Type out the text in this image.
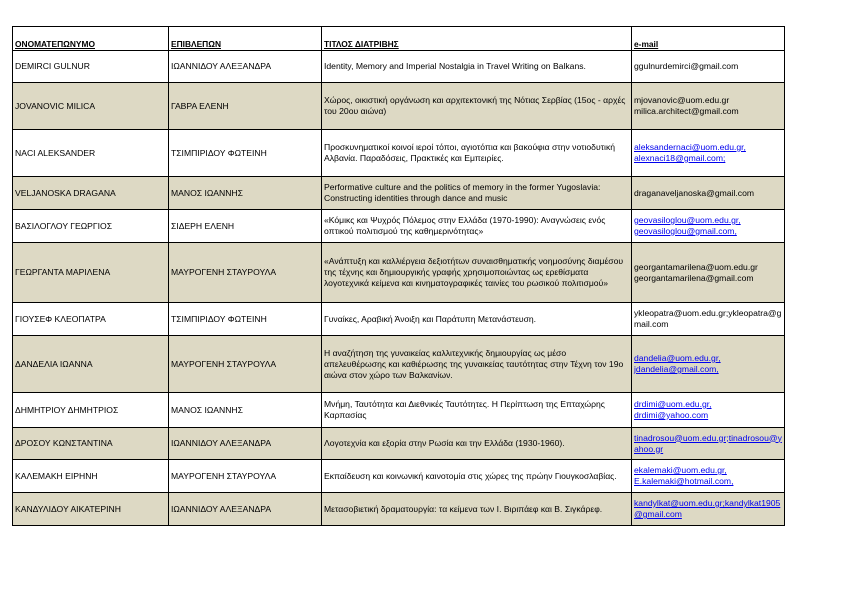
ΟΝΟΜΑΤΕΠΩΝΥΜΟ	ΕΠΙΒΛΕΠΩΝ	ΤΙΤΛΟΣ ΔΙΑΤΡΙΒΗΣ	e-mail
DEMIRCI GULNUR	ΙΩΑΝΝΙΔΟΥ ΑΛΕΞΑΝΔΡΑ	Identity, Memory and Imperial Nostalgia in Travel Writing on Balkans.	ggulnurdemirci@gmail.com
JOVANOVIC MILICA	ΓΑΒΡΑ ΕΛΕΝΗ	Χώρος, οικιστική οργάνωση και αρχιτεκτονική της Νότιας Σερβίας (15ος - αρχές του 20ου αιώνα)	mjovanovic@uom.edu.gr
milica.architect@gmail.com
NACI ALEKSANDER	ΤΣΙΜΠΙΡΙΔΟΥ ΦΩΤΕΙΝΗ	Προσκυνηματικοί κοινοί ιεροί τόποι, αγιοτόπια και βακούφια στην νοτιοδυτική Αλβανία. Παραδόσεις, Πρακτικές και Εμπειρίες.	aleksandernaci@uom.edu.gr,
alexnaci18@gmail.com;
VELJANOSKA DRAGANA	ΜΑΝΟΣ ΙΩΑΝΝΗΣ	Performative culture and the politics of memory in the former Yugoslavia: Constructing identities through dance and music	draganaveljanoska@gmail.com
ΒΑΣΙΛΟΓΛΟΥ ΓΕΩΡΓΙΟΣ	ΣΙΔΕΡΗ ΕΛΕΝΗ	«Κόμικς και Ψυχρός Πόλεμος στην Ελλάδα (1970-1990): Αναγνώσεις ενός οπτικού πολιτισμού της καθημερινότητας»	geovasiloglou@uom.edu.gr,
geovasiloglou@gmail.com,
ΓΕΩΡΓΑΝΤΑ ΜΑΡΙΛΕΝΑ	ΜΑΥΡΟΓΕΝΗ ΣΤΑΥΡΟΥΛΑ	«Ανάπτυξη και καλλιέργεια δεξιοτήτων συναισθηματικής νοημοσύνης διαμέσου της τέχνης και δημιουργικής γραφής χρησιμοποιώντας ως ερεθίσματα λογοτεχνικά κείμενα και κινηματογραφικές ταινίες του ρωσικού πολιτισμού»	georgantamarilena@uom.edu.gr
georgantamarilena@gmail.com
ΓΙΟΥΣΕΦ ΚΛΕΟΠΑΤΡΑ	ΤΣΙΜΠΙΡΙΔΟΥ ΦΩΤΕΙΝΗ	Γυναίκες, Αραβική Άνοιξη και Παράτυπη Μετανάστευση.	ykleopatra@uom.edu.gr;ykleopatra@gmail.com
ΔΑΝΔΕΛΙΑ ΙΩΑΝΝΑ	ΜΑΥΡΟΓΕΝΗ ΣΤΑΥΡΟΥΛΑ	Η αναζήτηση της γυναικείας καλλιτεχνικής δημιουργίας ως μέσο απελευθέρωσης και καθιέρωσης της γυναικείας ταυτότητας στην Τέχνη τον 19ο αιώνα στον χώρο των Βαλκανίων.	dandelia@uom.edu.gr,
jdandelia@gmail.com,
ΔΗΜΗΤΡΙΟΥ ΔΗΜΗΤΡΙΟΣ	ΜΑΝΟΣ ΙΩΑΝΝΗΣ	Μνήμη, Ταυτότητα και Διεθνικές Ταυτότητες. Η Περίπτωση της Επταχώρης Καρπασίας	drdimi@uom.edu.gr,
drdimi@yahoo.com
ΔΡΟΣΟΥ ΚΩΝΣΤΑΝΤΙΝΑ	ΙΩΑΝΝΙΔΟΥ ΑΛΕΞΑΝΔΡΑ	Λογοτεχνία και εξορία στην Ρωσία και την Ελλάδα (1930-1960).	tinadrosou@uom.edu.gr;tinadrosou@yahoo.gr
ΚΑΛΕΜΑΚΗ ΕΙΡΗΝΗ	ΜΑΥΡΟΓΕΝΗ ΣΤΑΥΡΟΥΛΑ	Εκπαίδευση και κοινωνική καινοτομία στις χώρες της πρώην Γιουγκοσλαβίας.	ekalemaki@uom.edu.gr,
E.kalemaki@hotmail.com,
ΚΑΝΔΥΛΙΔΟΥ ΑΙΚΑΤΕΡΙΝΗ	ΙΩΑΝΝΙΔΟΥ ΑΛΕΞΑΝΔΡΑ	Μετασοβιετική δραματουργία: τα κείμενα των Ι. Βιριπάεφ και Β. Σιγκάρεφ.	kandylkat@uom.edu.gr;kandylkat1905@gmail.com
